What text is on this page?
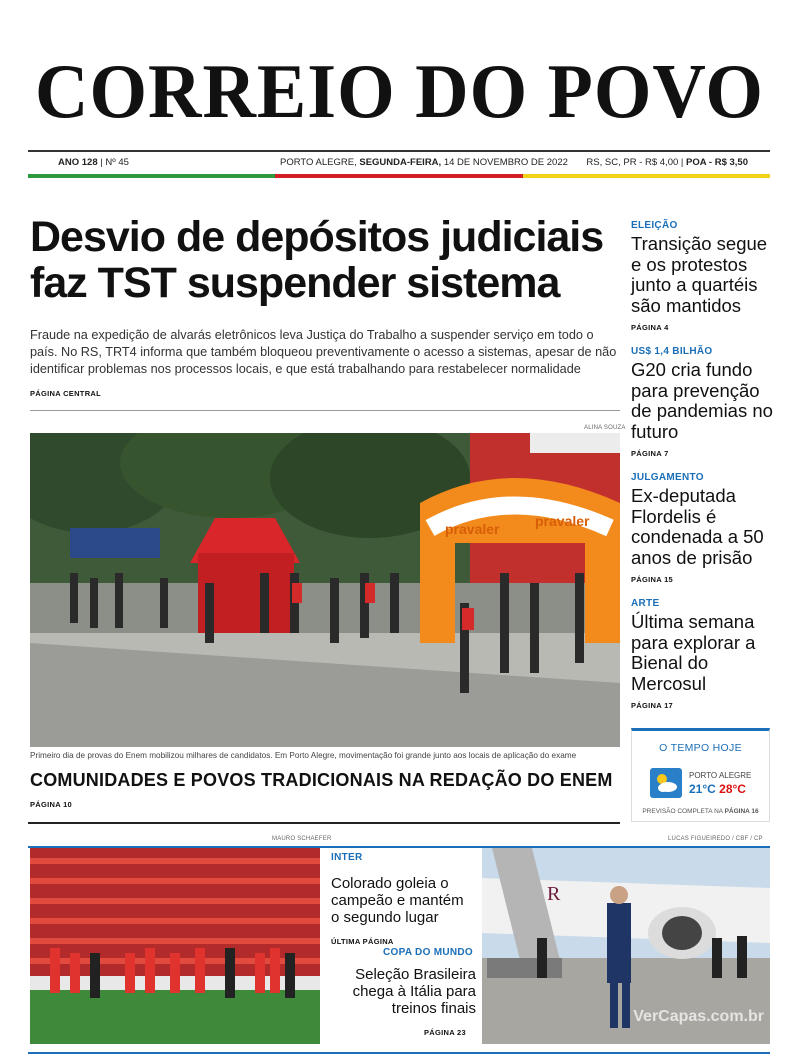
CORREIO DO POVO
ANO 128 | Nº 45	PORTO ALEGRE, SEGUNDA-FEIRA, 14 DE NOVEMBRO DE 2022 RS, SC, PR - R$ 4,00 | POA - R$ 3,50
Desvio de depósitos judiciais faz TST suspender sistema
Fraude na expedição de alvarás eletrônicos leva Justiça do Trabalho a suspender serviço em todo o país. No RS, TRT4 informa que também bloqueou preventivamente o acesso a sistemas, apesar de não identificar problemas nos processos locais, e que está trabalhando para restabelecer normalidade
PÁGINA CENTRAL
ALINA SOUZA
pravaler	pravaler
Primeiro dia de provas do Enem mobilizou milhares de candidatos. Em Porto Alegre, movimentação foi grande junto aos locais de aplicação do exame
COMUNIDADES E POVOS TRADICIONAIS NA REDAÇÃO DO ENEM
PÁGINA 10
ELEIÇÃO
Transição segue e os protestos junto a quartéis são mantidos
PÁGINA 4
US$ 1,4 BILHÃO
G20 cria fundo para prevenção de pandemias no futuro
PÁGINA 7
JULGAMENTO
Ex-deputada Flordelis é condenada a 50 anos de prisão
PÁGINA 15
ARTE
Última semana para explorar a Bienal do Mercosul
PÁGINA 17
O TEMPO HOJE
PORTO ALEGRE
21°C 28°C
PREVISÃO COMPLETA NA PÁGINA 16
MAURO SCHAEFER	LUCAS FIGUEIREDO / CBF / CP
INTER
Colorado goleia o campeão e mantém o segundo lugar
ÚLTIMA PÁGINA
COPA DO MUNDO
Seleção Brasileira chega à Itália para treinos finais
PÁGINA 23
R
VerCapas.com.br
